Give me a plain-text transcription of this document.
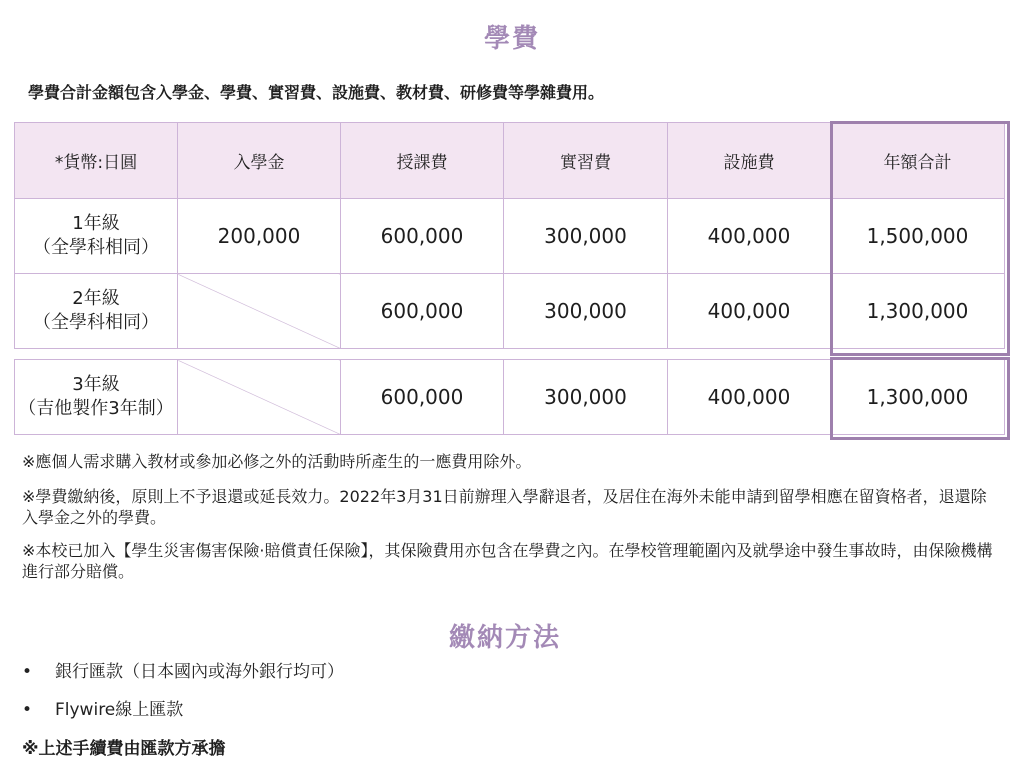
學費
學費合計金額包含入學金、學費、實習費、設施費、教材費、研修費等學雜費用。
*貨幣:日圓	入學金	授課費	實習費	設施費	年額合計

1年級
（全學科相同）	200,000	600,000	300,000	400,000	1,500,000

2年級
（全學科相同）		600,000	300,000	400,000	1,300,000
3年級
（吉他製作3年制）		600,000	300,000	400,000	1,300,000
※應個人需求購入教材或參加必修之外的活動時所產生的一應費用除外。
※學費繳納後，原則上不予退還或延長效力。2022年3月31日前辦理入學辭退者，及居住在海外未能申請到留學相應在留資格者，退還除入學金之外的學費。
※本校已加入【學生災害傷害保險·賠償責任保險】，其保險費用亦包含在學費之內。在學校管理範圍內及就學途中發生事故時，由保險機構進行部分賠償。
繳納方法
•	銀行匯款（日本國內或海外銀行均可）
•	Flywire線上匯款
※上述手續費由匯款方承擔
